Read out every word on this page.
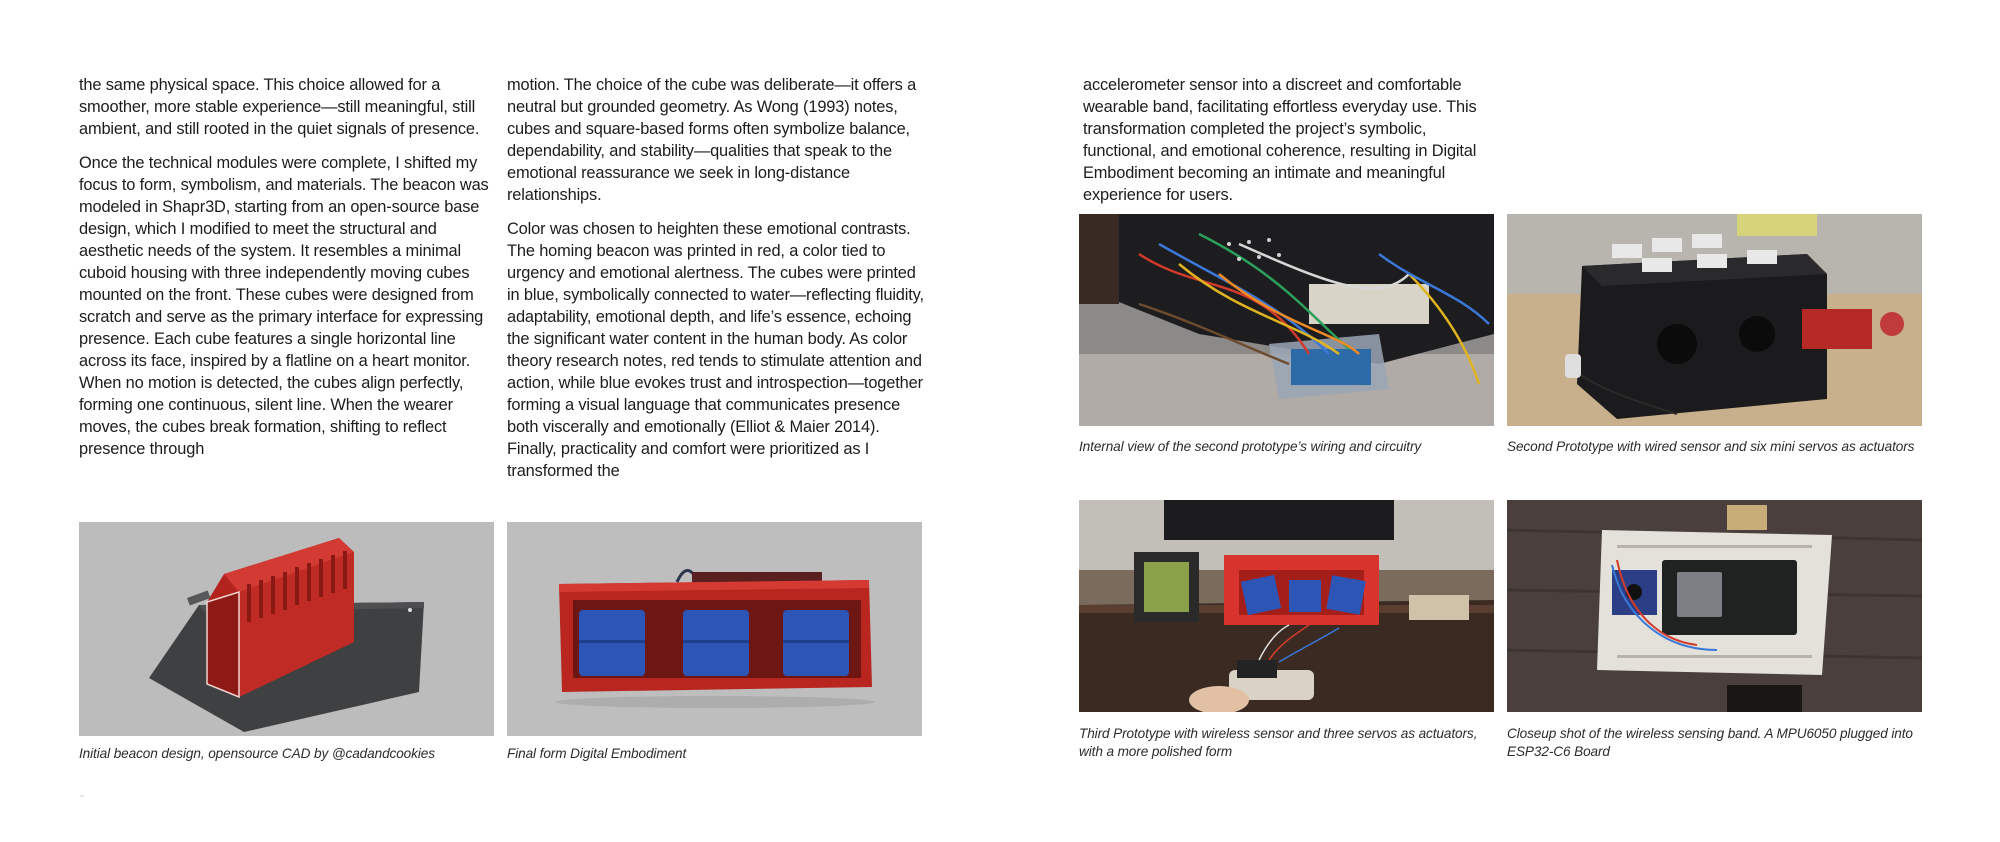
the same physical space. This choice allowed for a smoother, more stable experience—still meaningful, still ambient, and still rooted in the quiet signals of presence.

Once the technical modules were complete, I shifted my focus to form, symbolism, and materials. The beacon was modeled in Shapr3D, starting from an open-source base design, which I modified to meet the structural and aesthetic needs of the system. It resembles a minimal cuboid housing with three independently moving cubes mounted on the front. These cubes were designed from scratch and serve as the primary interface for expressing presence. Each cube features a single horizontal line across its face, inspired by a flatline on a heart monitor. When no motion is detected, the cubes align perfectly, forming one continuous, silent line. When the wearer moves, the cubes break formation, shifting to reflect presence through

motion. The choice of the cube was deliberate—it offers a neutral but grounded geometry. As Wong (1993) notes, cubes and square-based forms often symbolize balance, dependability, and stability—qualities that speak to the emotional reassurance we seek in long-distance relationships.

Color was chosen to heighten these emotional contrasts. The homing beacon was printed in red, a color tied to urgency and emotional alertness. The cubes were printed in blue, symbolically connected to water—reflecting fluidity, adaptability, emotional depth, and life’s essence, echoing the significant water content in the human body. As color theory research notes, red tends to stimulate attention and action, while blue evokes trust and introspection—together forming a visual language that communicates presence both viscerally and emotionally (Elliot & Maier 2014). Finally, practicality and comfort were prioritized as I transformed the

Initial beacon design, opensource CAD by @cadandcookies	Final form Digital Embodiment

accelerometer sensor into a discreet and comfortable wearable band, facilitating effortless everyday use. This transformation completed the project’s symbolic, functional, and emotional coherence, resulting in Digital Embodiment becoming an intimate and meaningful experience for users.

Internal view of the second prototype’s wiring and circuitry	Second Prototype with wired sensor and six mini servos as actuators
Third Prototype with wireless sensor and three servos as actuators, with a more polished form
Closeup shot of the wireless sensing band. A MPU6050 plugged into ESP32-C6 Board
